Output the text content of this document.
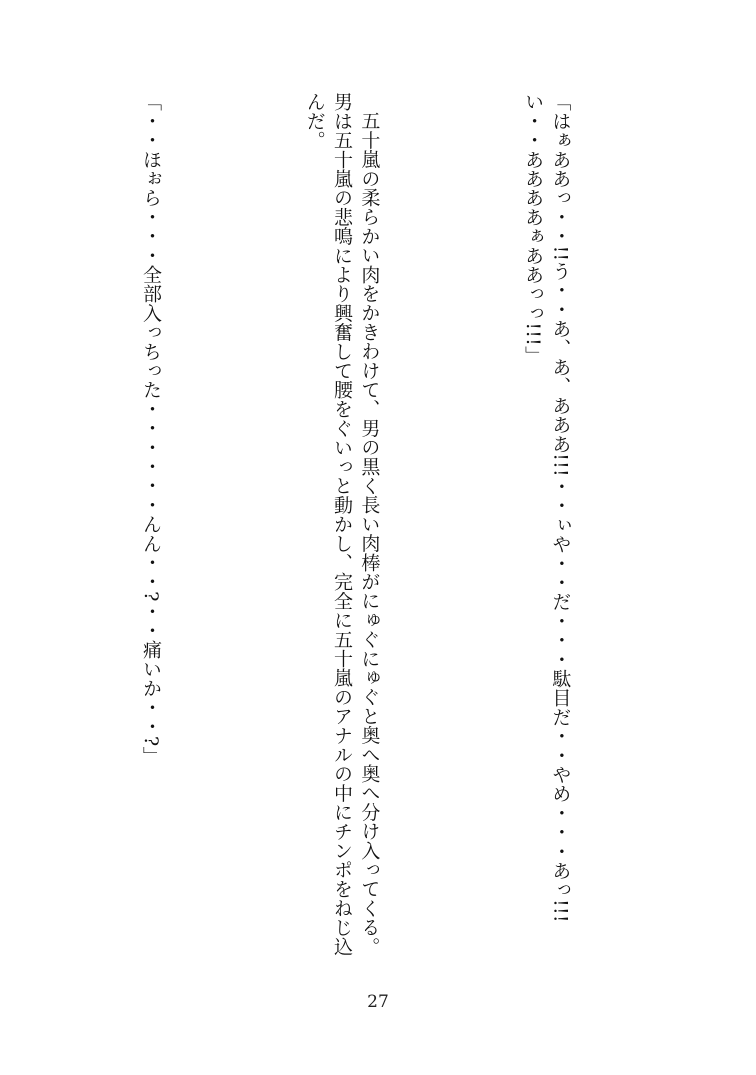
「はぁああっ・・!!う・・あ、あ、あああ!!!・・ぃや・・だ・・・駄目だ・・やめ・・・あっ!!!い・・ああああぁああっっ!!!」

五十嵐の柔らかい肉をかきわけて、男の黒く長い肉棒がにゅぐにゅぐと奥へ奥へ分け入ってくる。男は五十嵐の悲鳴により興奮して腰をぐいっと動かし、完全に五十嵐のアナルの中にチンポをねじ込んだ。

「・・ほぉら・・・全部入っちった・・・・・・んん・・?・・痛いか・・?」

27
